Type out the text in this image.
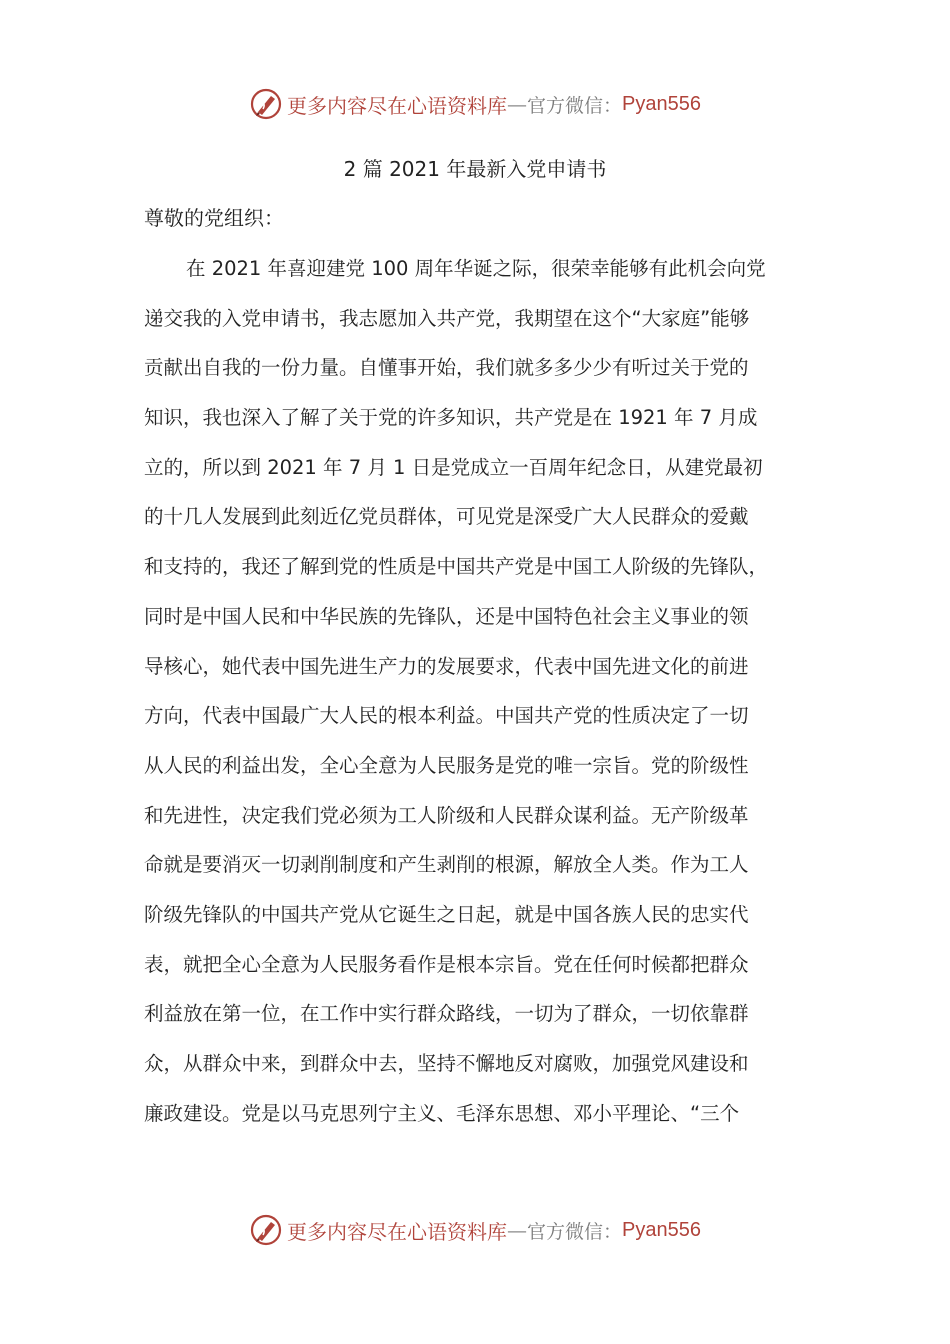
更多内容尽在心语资料库 — 官方微信： Pyan556
2 篇 2021 年最新入党申请书
尊敬的党组织：
在 2021 年喜迎建党 100 周年华诞之际，很荣幸能够有此机会向党
递交我的入党申请书，我志愿加入共产党，我期望在这个“大家庭”能够
贡献出自我的一份力量。自懂事开始，我们就多多少少有听过关于党的
知识，我也深入了解了关于党的许多知识，共产党是在 1921 年 7 月成
立的，所以到 2021 年 7 月 1 日是党成立一百周年纪念日，从建党最初
的十几人发展到此刻近亿党员群体，可见党是深受广大人民群众的爱戴
和支持的，我还了解到党的性质是中国共产党是中国工人阶级的先锋队，
同时是中国人民和中华民族的先锋队，还是中国特色社会主义事业的领
导核心，她代表中国先进生产力的发展要求，代表中国先进文化的前进
方向，代表中国最广大人民的根本利益。中国共产党的性质决定了一切
从人民的利益出发，全心全意为人民服务是党的唯一宗旨。党的阶级性
和先进性，决定我们党必须为工人阶级和人民群众谋利益。无产阶级革
命就是要消灭一切剥削制度和产生剥削的根源，解放全人类。作为工人
阶级先锋队的中国共产党从它诞生之日起，就是中国各族人民的忠实代
表，就把全心全意为人民服务看作是根本宗旨。党在任何时候都把群众
利益放在第一位，在工作中实行群众路线，一切为了群众，一切依靠群
众，从群众中来，到群众中去，坚持不懈地反对腐败，加强党风建设和
廉政建设。党是以马克思列宁主义、毛泽东思想、邓小平理论、“三个
更多内容尽在心语资料库 — 官方微信： Pyan556
